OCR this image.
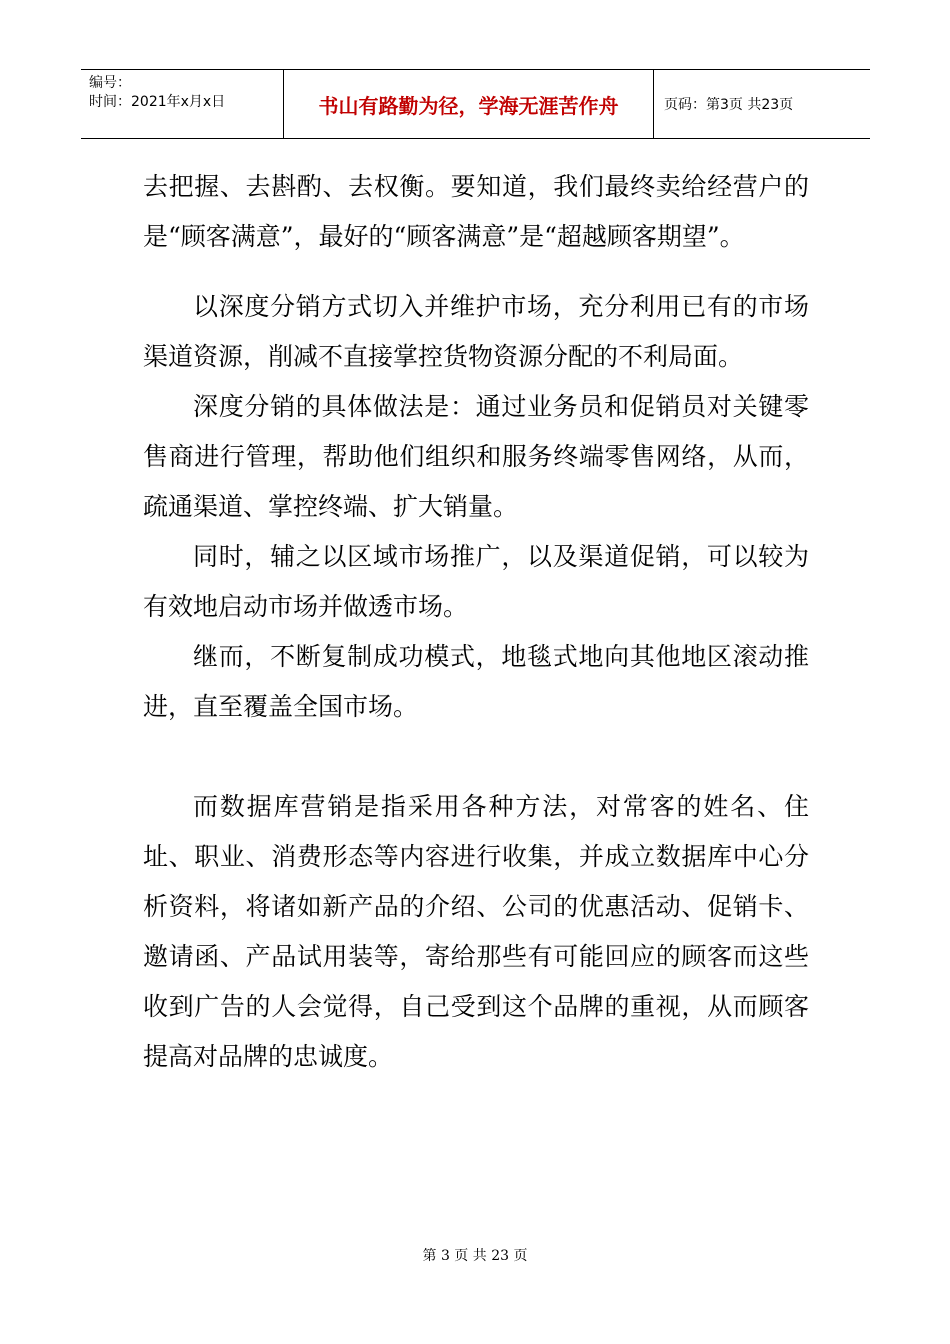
编号：
时间：2021年x月x日	书山有路勤为径，学海无涯苦作舟	页码：第3页 共23页

去把握、去斟酌、去权衡。要知道，我们最终卖给经营户的是“顾客满意”，最好的“顾客满意”是“超越顾客期望”。

以深度分销方式切入并维护市场，充分利用已有的市场渠道资源，削减不直接掌控货物资源分配的不利局面。

深度分销的具体做法是：通过业务员和促销员对关键零售商进行管理，帮助他们组织和服务终端零售网络，从而，疏通渠道、掌控终端、扩大销量。

同时，辅之以区域市场推广，以及渠道促销，可以较为有效地启动市场并做透市场。

继而，不断复制成功模式，地毯式地向其他地区滚动推进，直至覆盖全国市场。

而数据库营销是指采用各种方法，对常客的姓名、住址、职业、消费形态等内容进行收集，并成立数据库中心分析资料，将诸如新产品的介绍、公司的优惠活动、促销卡、邀请函、产品试用装等，寄给那些有可能回应的顾客而这些收到广告的人会觉得，自己受到这个品牌的重视，从而顾客提高对品牌的忠诚度。

第 3 页 共 23 页
